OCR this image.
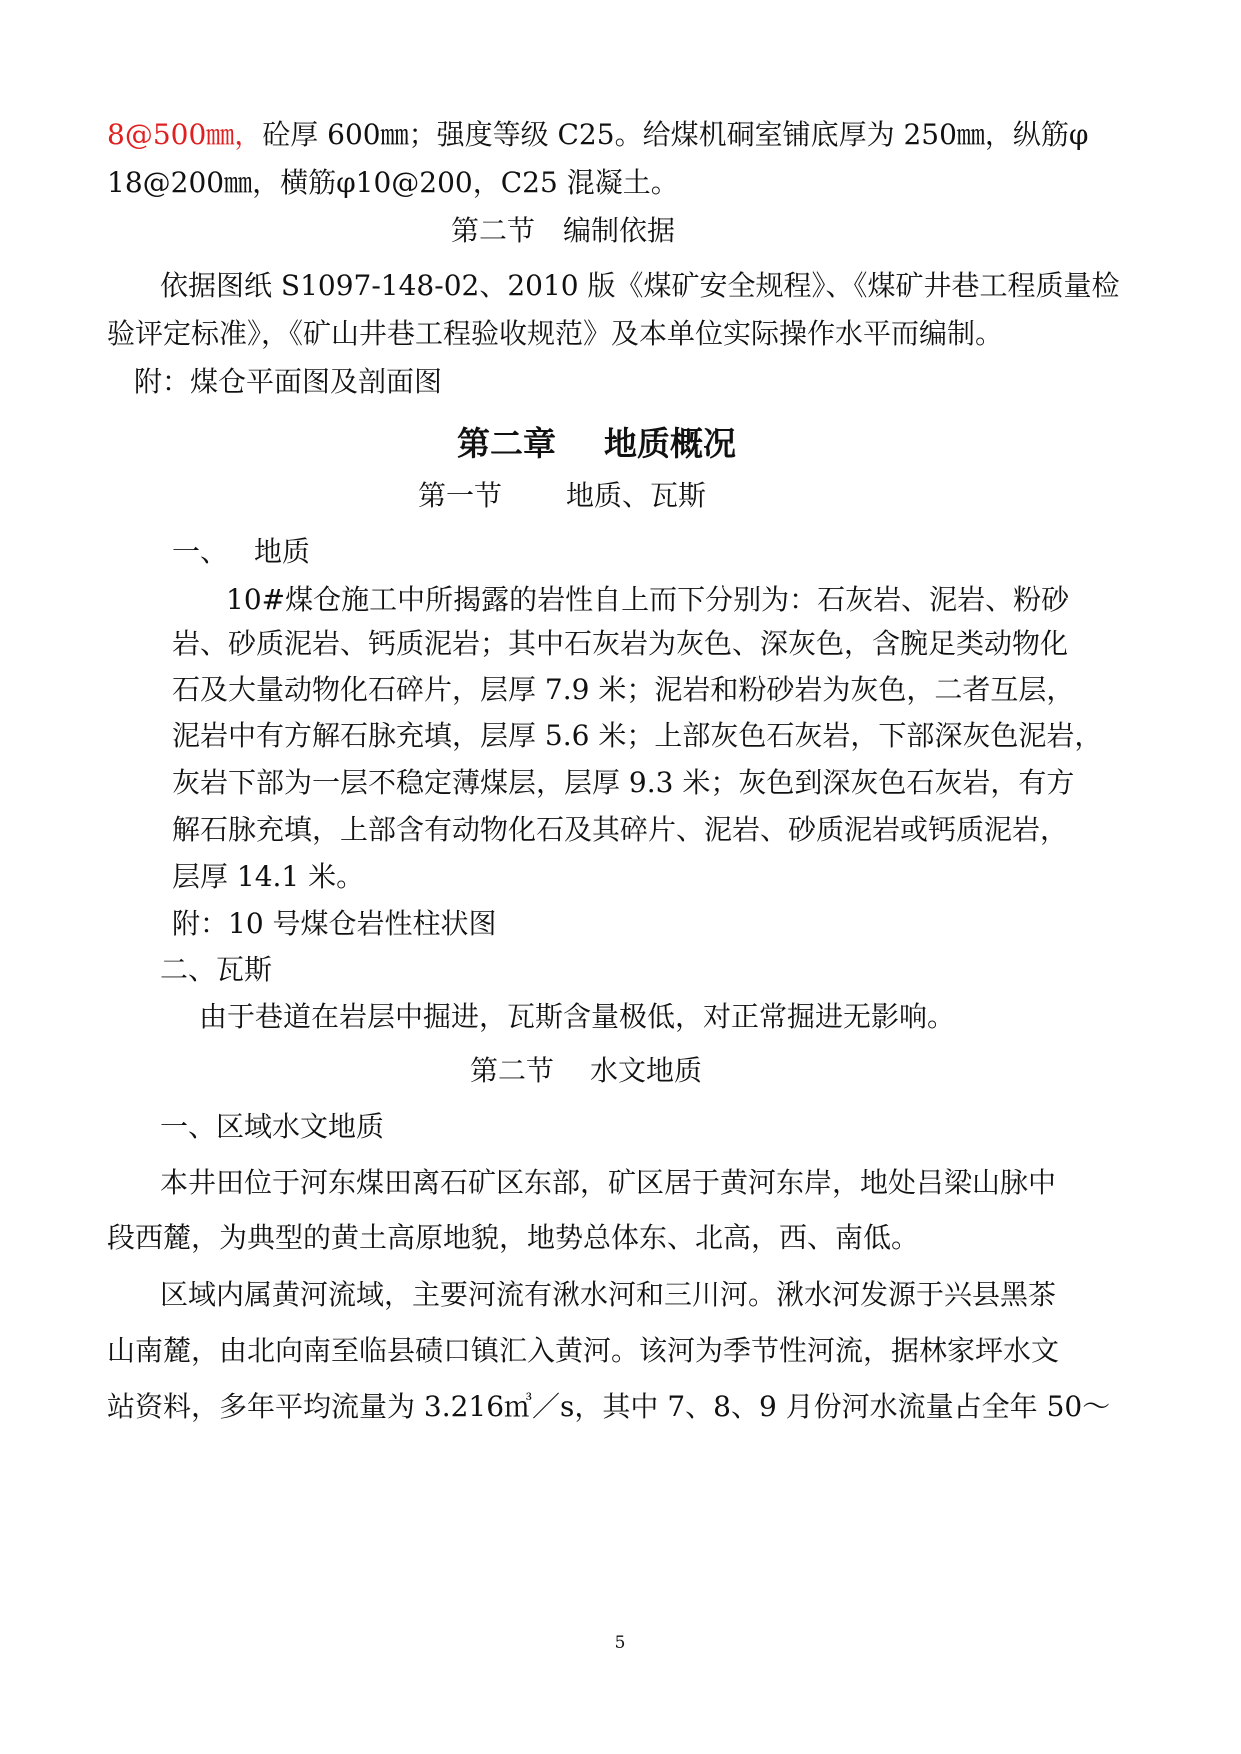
8@500㎜，砼厚 600㎜；强度等级 C25。给煤机硐室铺底厚为 250㎜，纵筋φ
18@200㎜，横筋φ10@200，C25 混凝土。
第二节 编制依据
依据图纸 S1097-148-02、2010 版《煤矿安全规程》、《煤矿井巷工程质量检
验评定标准》，《矿山井巷工程验收规范》及本单位实际操作水平而编制。
附：煤仓平面图及剖面图
第二章 地质概况
第一节 地质、瓦斯
一、 地质
10#煤仓施工中所揭露的岩性自上而下分别为：石灰岩、泥岩、粉砂
岩、砂质泥岩、钙质泥岩；其中石灰岩为灰色、深灰色，含腕足类动物化
石及大量动物化石碎片，层厚 7.9 米；泥岩和粉砂岩为灰色，二者互层，
泥岩中有方解石脉充填，层厚 5.6 米；上部灰色石灰岩，下部深灰色泥岩，
灰岩下部为一层不稳定薄煤层，层厚 9.3 米；灰色到深灰色石灰岩，有方
解石脉充填，上部含有动物化石及其碎片、泥岩、砂质泥岩或钙质泥岩，
层厚 14.1 米。
附：10 号煤仓岩性柱状图
二、瓦斯
由于巷道在岩层中掘进，瓦斯含量极低，对正常掘进无影响。
第二节 水文地质
一、区域水文地质
本井田位于河东煤田离石矿区东部，矿区居于黄河东岸，地处吕梁山脉中
段西麓，为典型的黄土高原地貌，地势总体东、北高，西、南低。
区域内属黄河流域，主要河流有湫水河和三川河。湫水河发源于兴县黑茶
山南麓，由北向南至临县碛口镇汇入黄河。该河为季节性河流，据林家坪水文
站资料，多年平均流量为 3.216㎥／s，其中 7、8、9 月份河水流量占全年 50～
5
